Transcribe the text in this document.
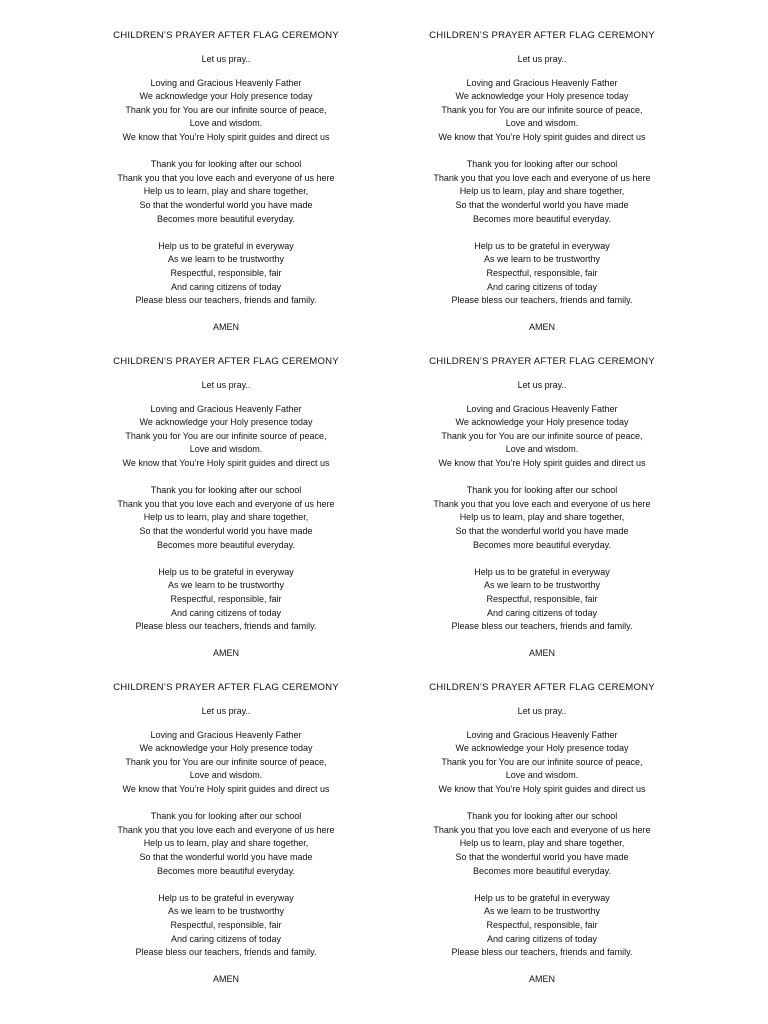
CHILDREN’S PRAYER AFTER FLAG CEREMONY
Let us pray..
Loving and Gracious Heavenly Father
We acknowledge your Holy presence today
Thank you for You are our infinite source of peace,
Love and wisdom.
We know that You’re Holy spirit guides and direct us
Thank you for looking after our school
Thank you that you love each and everyone of us here
Help us to learn, play and share together,
So that the wonderful world you have made
Becomes more beautiful everyday.
Help us to be grateful in everyway
As we learn to be trustworthy
Respectful, responsible, fair
And caring citizens of today
Please bless our teachers, friends and family.
AMEN
CHILDREN’S PRAYER AFTER FLAG CEREMONY
Let us pray..
Loving and Gracious Heavenly Father
We acknowledge your Holy presence today
Thank you for You are our infinite source of peace,
Love and wisdom.
We know that You’re Holy spirit guides and direct us
Thank you for looking after our school
Thank you that you love each and everyone of us here
Help us to learn, play and share together,
So that the wonderful world you have made
Becomes more beautiful everyday.
Help us to be grateful in everyway
As we learn to be trustworthy
Respectful, responsible, fair
And caring citizens of today
Please bless our teachers, friends and family.
AMEN
CHILDREN’S PRAYER AFTER FLAG CEREMONY
Let us pray..
Loving and Gracious Heavenly Father
We acknowledge your Holy presence today
Thank you for You are our infinite source of peace,
Love and wisdom.
We know that You’re Holy spirit guides and direct us
Thank you for looking after our school
Thank you that you love each and everyone of us here
Help us to learn, play and share together,
So that the wonderful world you have made
Becomes more beautiful everyday.
Help us to be grateful in everyway
As we learn to be trustworthy
Respectful, responsible, fair
And caring citizens of today
Please bless our teachers, friends and family.
AMEN
CHILDREN’S PRAYER AFTER FLAG CEREMONY
Let us pray..
Loving and Gracious Heavenly Father
We acknowledge your Holy presence today
Thank you for You are our infinite source of peace,
Love and wisdom.
We know that You’re Holy spirit guides and direct us
Thank you for looking after our school
Thank you that you love each and everyone of us here
Help us to learn, play and share together,
So that the wonderful world you have made
Becomes more beautiful everyday.
Help us to be grateful in everyway
As we learn to be trustworthy
Respectful, responsible, fair
And caring citizens of today
Please bless our teachers, friends and family.
AMEN
CHILDREN’S PRAYER AFTER FLAG CEREMONY
Let us pray..
Loving and Gracious Heavenly Father
We acknowledge your Holy presence today
Thank you for You are our infinite source of peace,
Love and wisdom.
We know that You’re Holy spirit guides and direct us
Thank you for looking after our school
Thank you that you love each and everyone of us here
Help us to learn, play and share together,
So that the wonderful world you have made
Becomes more beautiful everyday.
Help us to be grateful in everyway
As we learn to be trustworthy
Respectful, responsible, fair
And caring citizens of today
Please bless our teachers, friends and family.
AMEN
CHILDREN’S PRAYER AFTER FLAG CEREMONY
Let us pray..
Loving and Gracious Heavenly Father
We acknowledge your Holy presence today
Thank you for You are our infinite source of peace,
Love and wisdom.
We know that You’re Holy spirit guides and direct us
Thank you for looking after our school
Thank you that you love each and everyone of us here
Help us to learn, play and share together,
So that the wonderful world you have made
Becomes more beautiful everyday.
Help us to be grateful in everyway
As we learn to be trustworthy
Respectful, responsible, fair
And caring citizens of today
Please bless our teachers, friends and family.
AMEN
